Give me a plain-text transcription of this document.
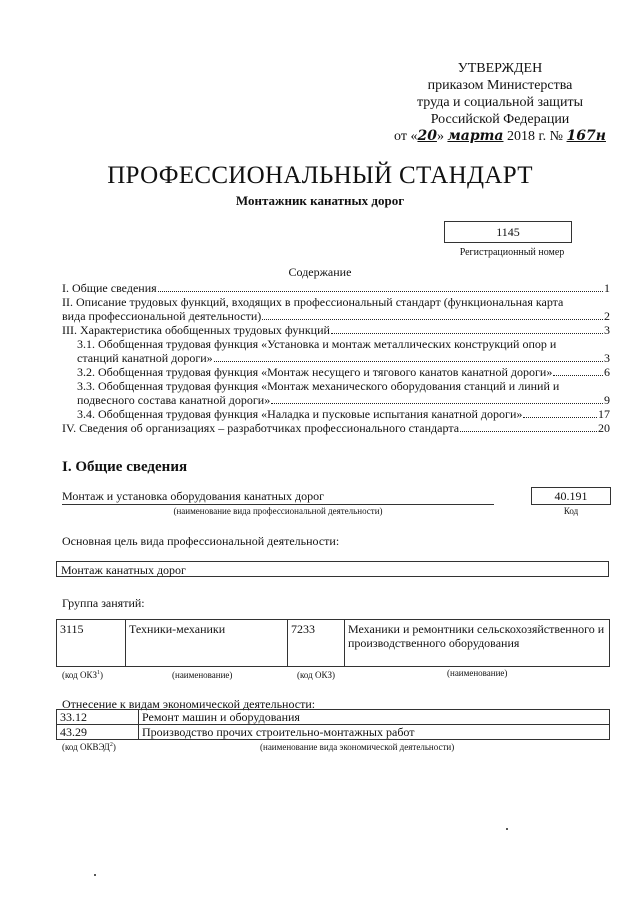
УТВЕРЖДЕН
приказом Министерства
труда и социальной защиты
Российской Федерации
от «20» марта 2018 г. № 167н
ПРОФЕССИОНАЛЬНЫЙ СТАНДАРТ
Монтажник канатных дорог
1145
Регистрационный номер
Содержание
I. Общие сведения	1
II. Описание трудовых функций, входящих в профессиональный стандарт (функциональная карта
вида профессиональной деятельности)	2
III. Характеристика обобщенных трудовых функций	3
3.1. Обобщенная трудовая функция «Установка и монтаж металлических конструкций опор и
станций канатной дороги»	3
3.2. Обобщенная трудовая функция «Монтаж несущего и тягового канатов канатной дороги»	6
3.3. Обобщенная трудовая функция «Монтаж механического оборудования станций и линий и
подвесного состава канатной дороги»	9
3.4. Обобщенная трудовая функция «Наладка и пусковые испытания канатной дороги»	17
IV. Сведения об организациях – разработчиках профессионального стандарта	20
I. Общие сведения
Монтаж и установка оборудования канатных дорог
(наименование вида профессиональной деятельности)
40.191
Код
Основная цель вида профессиональной деятельности:
Монтаж канатных дорог
Группа занятий:
3115	Техники-механики	7233	Механики и ремонтники сельскохозяйственного и производственного оборудования
(код ОКЗ$^1$)	(наименование)	(код ОКЗ)	(наименование)
Отнесение к видам экономической деятельности:
33.12	Ремонт машин и оборудования
43.29	Производство прочих строительно-монтажных работ
(код ОКВЭД$^2$)	(наименование вида экономической деятельности)
